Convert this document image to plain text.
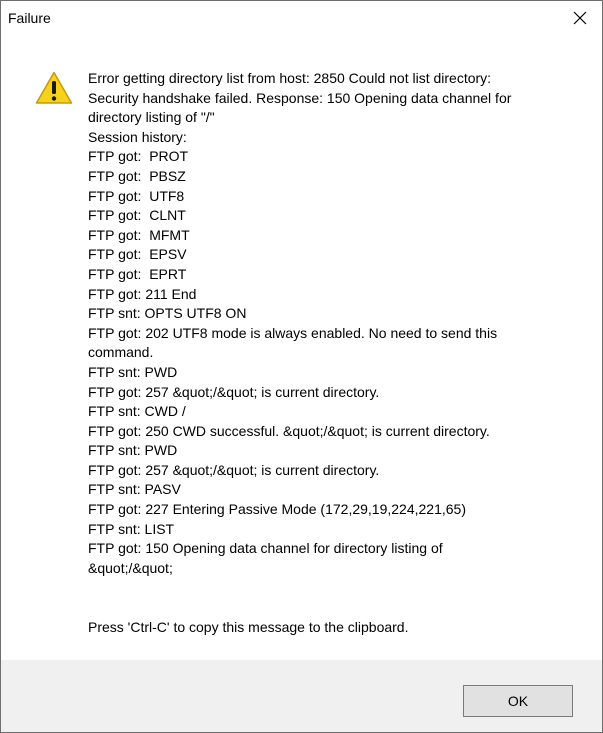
Failure
Error getting directory list from host: 2850 Could not list directory:
Security handshake failed. Response: 150 Opening data channel for
directory listing of "/"
Session history:
FTP got:  PROT
FTP got:  PBSZ
FTP got:  UTF8
FTP got:  CLNT
FTP got:  MFMT
FTP got:  EPSV
FTP got:  EPRT
FTP got: 211 End
FTP snt: OPTS UTF8 ON
FTP got: 202 UTF8 mode is always enabled. No need to send this
command.
FTP snt: PWD
FTP got: 257 &quot;/&quot; is current directory.
FTP snt: CWD /
FTP got: 250 CWD successful. &quot;/&quot; is current directory.
FTP snt: PWD
FTP got: 257 &quot;/&quot; is current directory.
FTP snt: PASV
FTP got: 227 Entering Passive Mode (172,29,19,224,221,65)
FTP snt: LIST
FTP got: 150 Opening data channel for directory listing of
&quot;/&quot;
Press 'Ctrl-C' to copy this message to the clipboard.
OK
